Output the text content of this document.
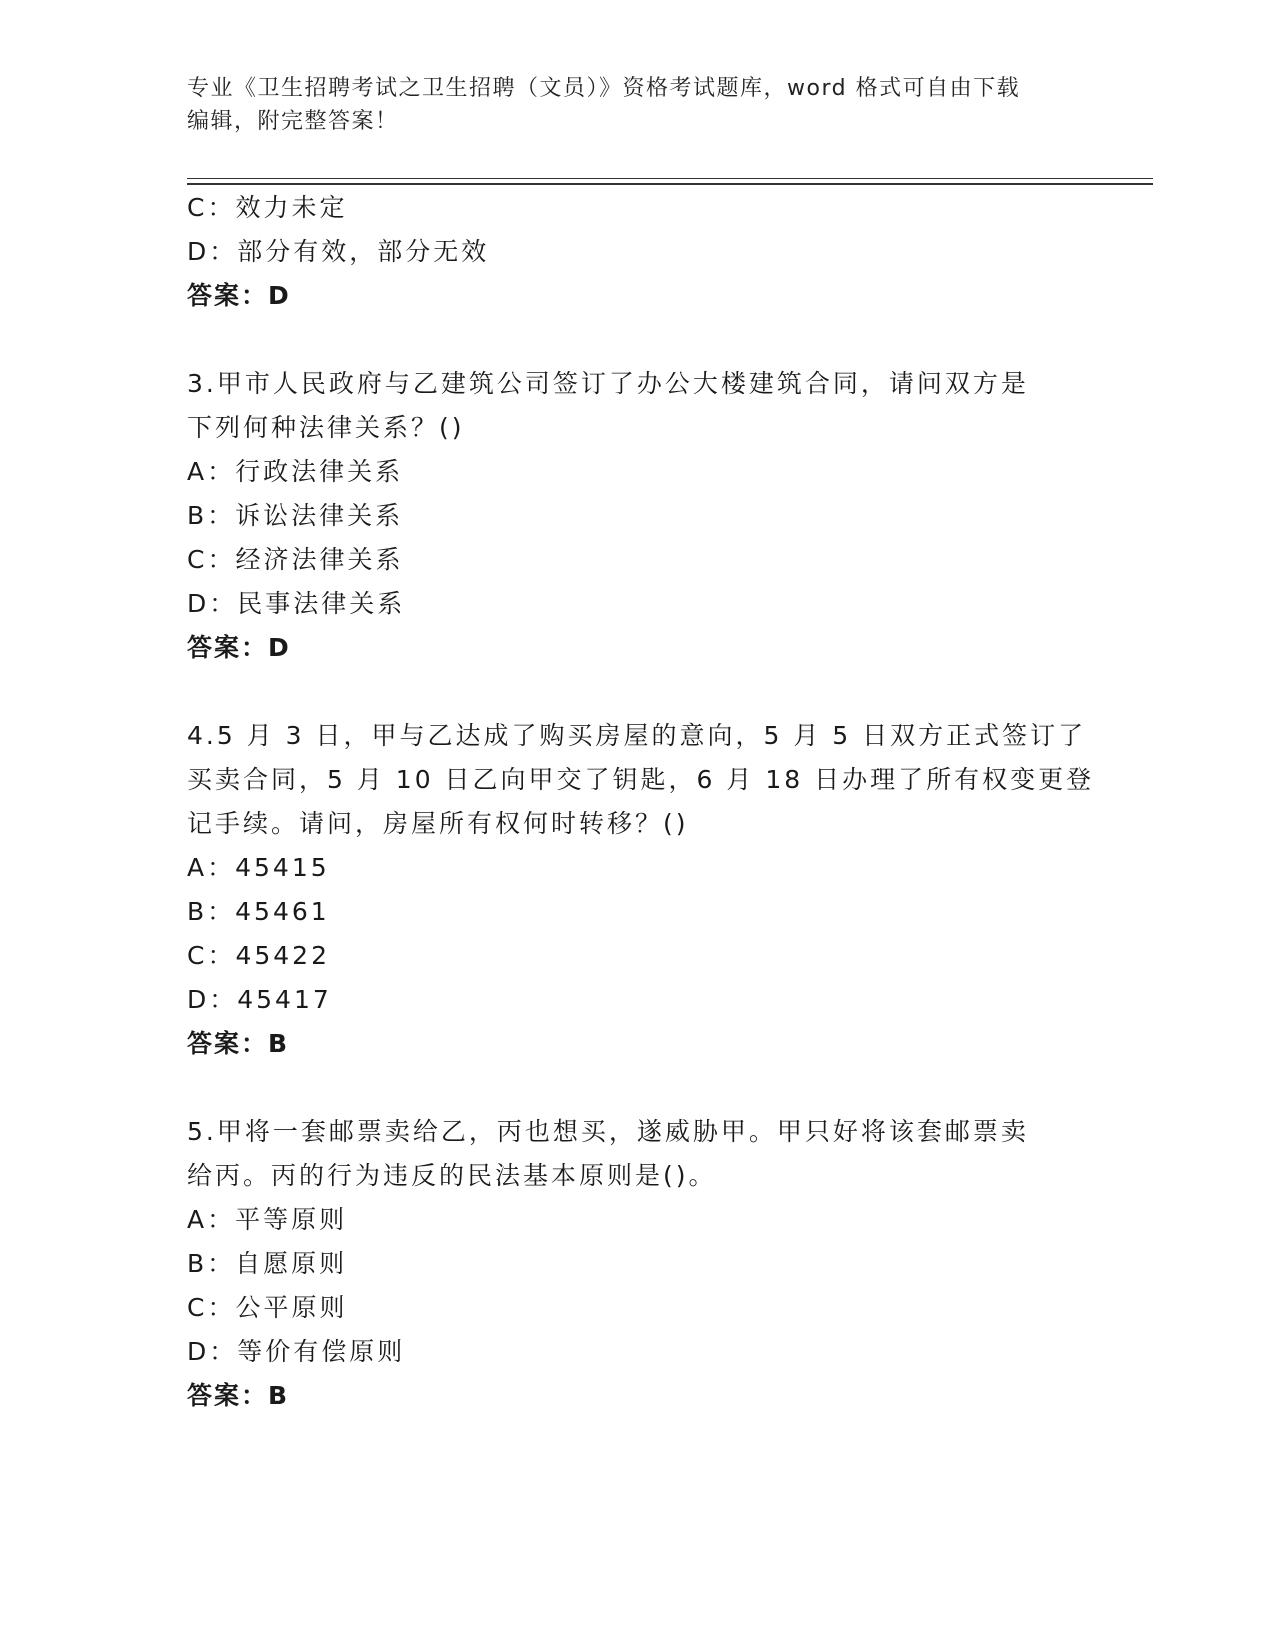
专业《卫生招聘考试之卫生招聘（文员）》资格考试题库，word 格式可自由下载
编辑，附完整答案！
C：效力未定
D：部分有效，部分无效
答案：D
3.甲市人民政府与乙建筑公司签订了办公大楼建筑合同，请问双方是
下列何种法律关系？()
A：行政法律关系
B：诉讼法律关系
C：经济法律关系
D：民事法律关系
答案：D
4.5 月 3 日，甲与乙达成了购买房屋的意向，5 月 5 日双方正式签订了
买卖合同，5 月 10 日乙向甲交了钥匙，6 月 18 日办理了所有权变更登
记手续。请问，房屋所有权何时转移？()
A：45415
B：45461
C：45422
D：45417
答案：B
5.甲将一套邮票卖给乙，丙也想买，遂威胁甲。甲只好将该套邮票卖
给丙。丙的行为违反的民法基本原则是()。
A：平等原则
B：自愿原则
C：公平原则
D：等价有偿原则
答案：B
